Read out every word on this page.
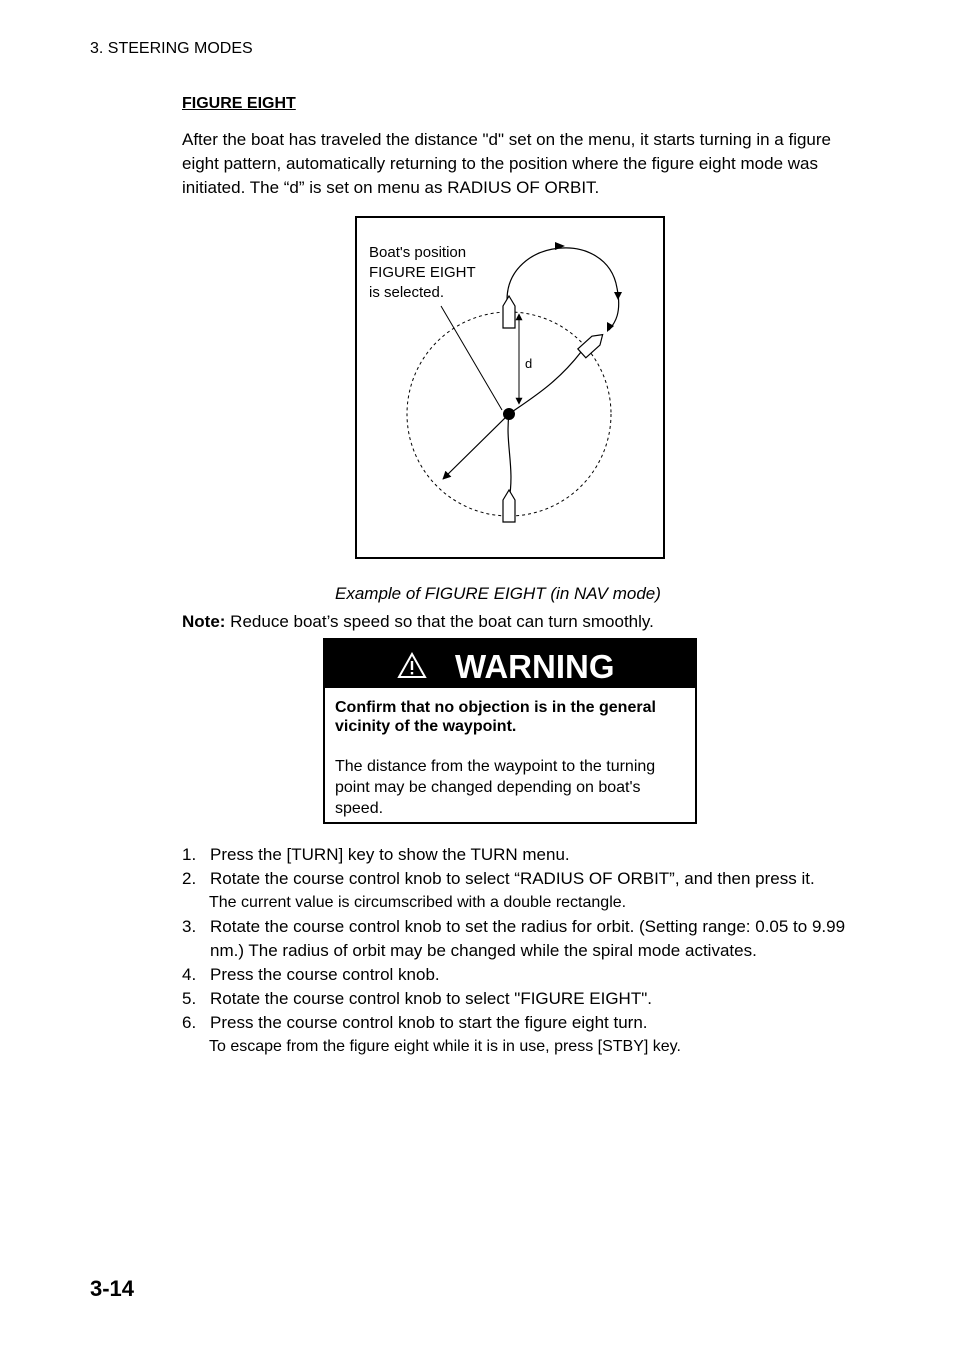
3. STEERING MODES
FIGURE EIGHT
After the boat has traveled the distance "d" set on the menu, it starts turning in a figure eight pattern, automatically returning to the position where the figure eight mode was initiated. The “d” is set on menu as RADIUS OF ORBIT.
d
Boat's position
FIGURE EIGHT
is selected.
Example of FIGURE EIGHT (in NAV mode)
Note: Reduce boat’s speed so that the boat can turn smoothly.
WARNING
Confirm that no objection is in the general vicinity of the waypoint.
The distance from the waypoint to the turning point may be changed depending on boat's speed.
1. Press the [TURN] key to show the TURN menu.
2. Rotate the course control knob to select “RADIUS OF ORBIT”, and then press it.
The current value is circumscribed with a double rectangle.
3. Rotate the course control knob to set the radius for orbit. (Setting range: 0.05 to 9.99 nm.) The radius of orbit may be changed while the spiral mode activates.
4. Press the course control knob.
5. Rotate the course control knob to select "FIGURE EIGHT".
6. Press the course control knob to start the figure eight turn.
To escape from the figure eight while it is in use, press [STBY] key.
3-14
